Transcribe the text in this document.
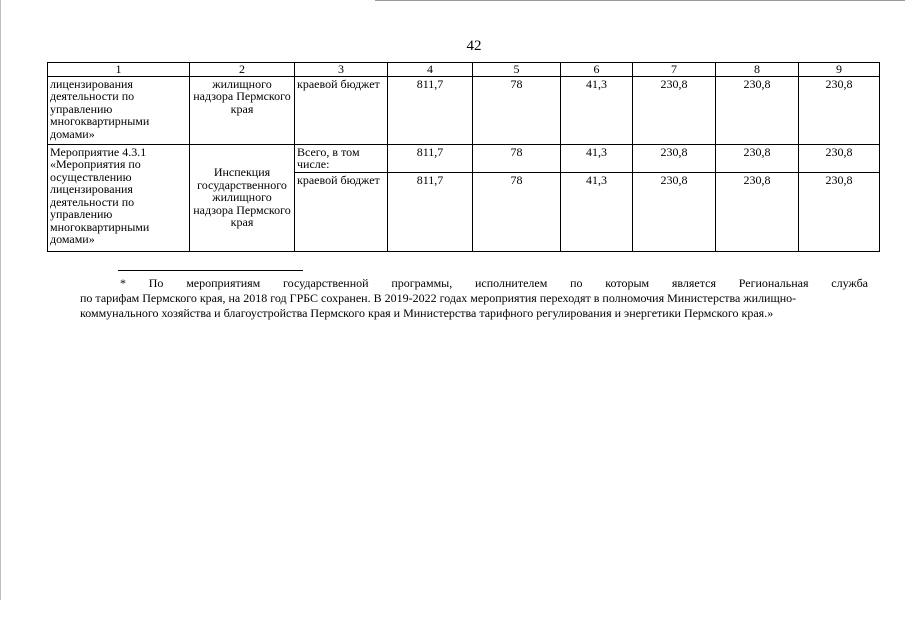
42
1	2	3	4	5	6	7	8	9
лицензирования деятельности по управлению многоквартирными домами»	жилищного надзора Пермского края	краевой бюджет	811,7	78	41,3	230,8	230,8	230,8
Мероприятие 4.3.1 «Мероприятия по осуществлению лицензирования деятельности по управлению многоквартирными домами»	Инспекция государственного жилищного надзора Пермского края	Всего, в том числе:	811,7	78	41,3	230,8	230,8	230,8
		краевой бюджет	811,7	78	41,3	230,8	230,8	230,8
* По мероприятиям государственной программы, исполнителем по которым является Региональная служба
по тарифам Пермского края, на 2018 год ГРБС сохранен. В 2019-2022 годах мероприятия переходят в полномочия Министерства жилищно-
коммунального хозяйства и благоустройства Пермского края и Министерства тарифного регулирования и энергетики Пермского края.»
